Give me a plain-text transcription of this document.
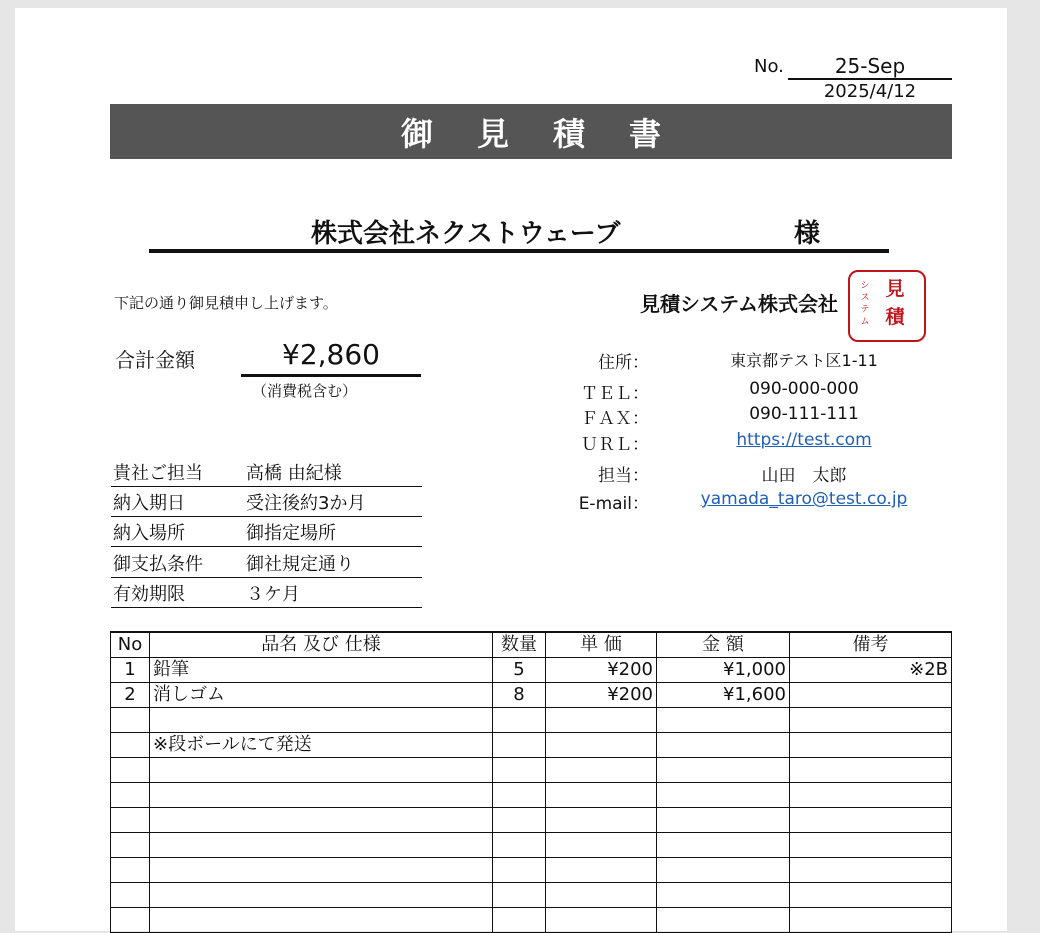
No.	25-Sep
2025/4/12
御見積書
株式会社ネクストウェーブ	様
下記の通り御見積申し上げます。	見積システム株式会社
システム
見積
合計金額	¥2,860
（消費税含む）
貴社ご担当 高橋 由紀様
納入期日	受注後約3か月
納入場所	御指定場所
御支払条件 御社規定通り
有効期限	３ケ月
住所：	東京都テスト区1-11
ＴＥＬ：	090-000-000
ＦＡＸ：	090-111-111
ＵＲＬ：	https://test.com
担当：	山田　太郎
E-mail：	yamada_taro@test.co.jp
No	品名 及び 仕様	数量	単 価	金 額	備考
1	鉛筆	5	¥200	¥1,000	※2B
2	消しゴム	8	¥200	¥1,600	

	※段ボールにて発送				
